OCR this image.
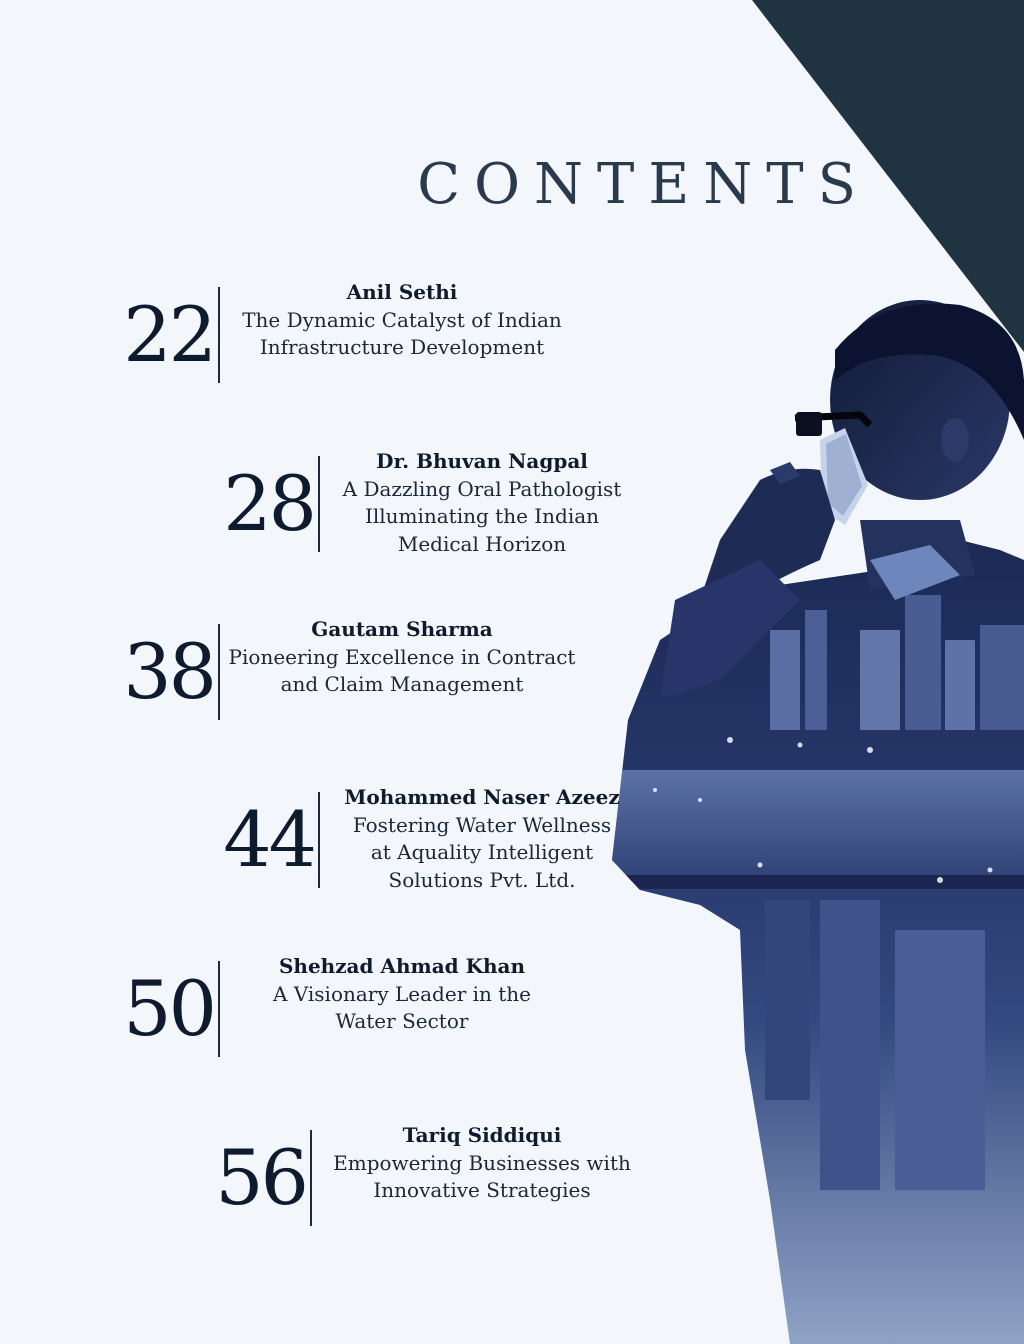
CONTENTS
22	Anil Sethi
The Dynamic Catalyst of Indian
Infrastructure Development
28	Dr. Bhuvan Nagpal
A Dazzling Oral Pathologist
Illuminating the Indian
Medical Horizon
38	Gautam Sharma
Pioneering Excellence in Contract
and Claim Management
44	Mohammed Naser Azeez
Fostering Water Wellness
at Aquality Intelligent
Solutions Pvt. Ltd.
50	Shehzad Ahmad Khan
A Visionary Leader in the
Water Sector
56	Tariq Siddiqui
Empowering Businesses with
Innovative Strategies
